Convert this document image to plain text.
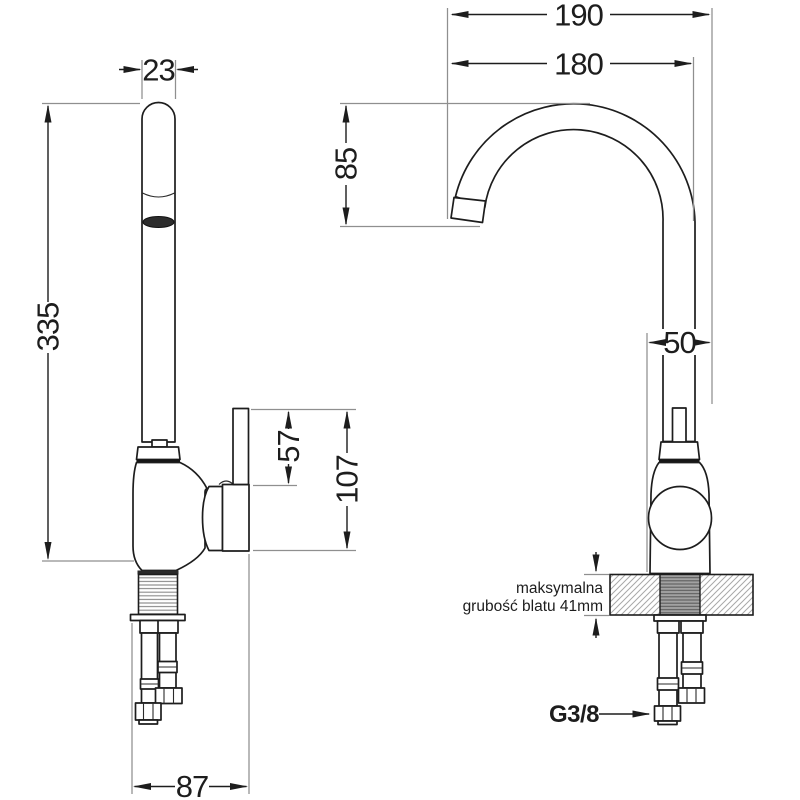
190
180
23
85
335	50
57
107
87
maksymalna
grubość blatu 41mm
G3/8
